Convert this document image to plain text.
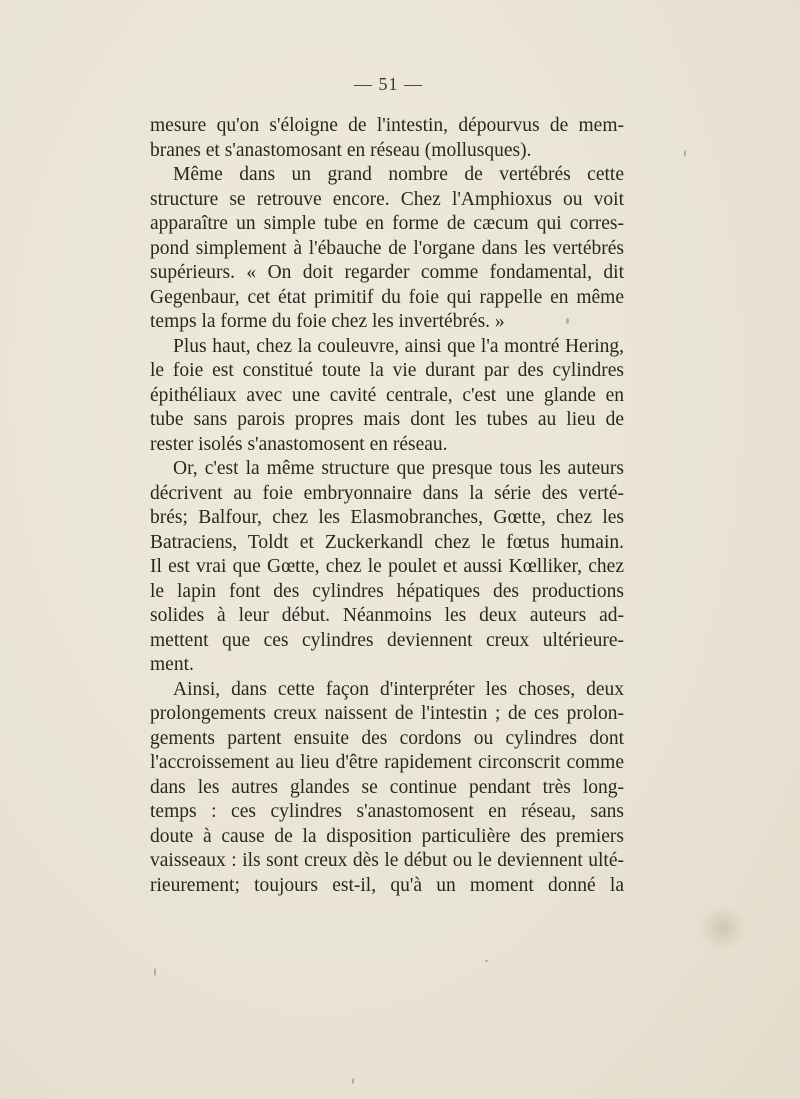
— 51 —
mesure qu'on s'éloigne de l'intestin, dépourvus de mem-
branes et s'anastomosant en réseau (mollusques).
Même dans un grand nombre de vertébrés cette
structure se retrouve encore. Chez l'Amphioxus ou voit
apparaître un simple tube en forme de cæcum qui corres-
pond simplement à l'ébauche de l'organe dans les vertébrés
supérieurs. « On doit regarder comme fondamental, dit
Gegenbaur, cet état primitif du foie qui rappelle en même
temps la forme du foie chez les invertébrés. »
Plus haut, chez la couleuvre, ainsi que l'a montré Hering,
le foie est constitué toute la vie durant par des cylindres
épithéliaux avec une cavité centrale, c'est une glande en
tube sans parois propres mais dont les tubes au lieu de
rester isolés s'anastomosent en réseau.
Or, c'est la même structure que presque tous les auteurs
décrivent au foie embryonnaire dans la série des verté-
brés; Balfour, chez les Elasmobranches, Gœtte, chez les
Batraciens, Toldt et Zuckerkandl chez le fœtus humain.
Il est vrai que Gœtte, chez le poulet et aussi Kœlliker, chez
le lapin font des cylindres hépatiques des productions
solides à leur début. Néanmoins les deux auteurs ad-
mettent que ces cylindres deviennent creux ultérieure-
ment.
Ainsi, dans cette façon d'interpréter les choses, deux
prolongements creux naissent de l'intestin ; de ces prolon-
gements partent ensuite des cordons ou cylindres dont
l'accroissement au lieu d'être rapidement circonscrit comme
dans les autres glandes se continue pendant très long-
temps : ces cylindres s'anastomosent en réseau, sans
doute à cause de la disposition particulière des premiers
vaisseaux : ils sont creux dès le début ou le deviennent ulté-
rieurement; toujours est-il, qu'à un moment donné la
